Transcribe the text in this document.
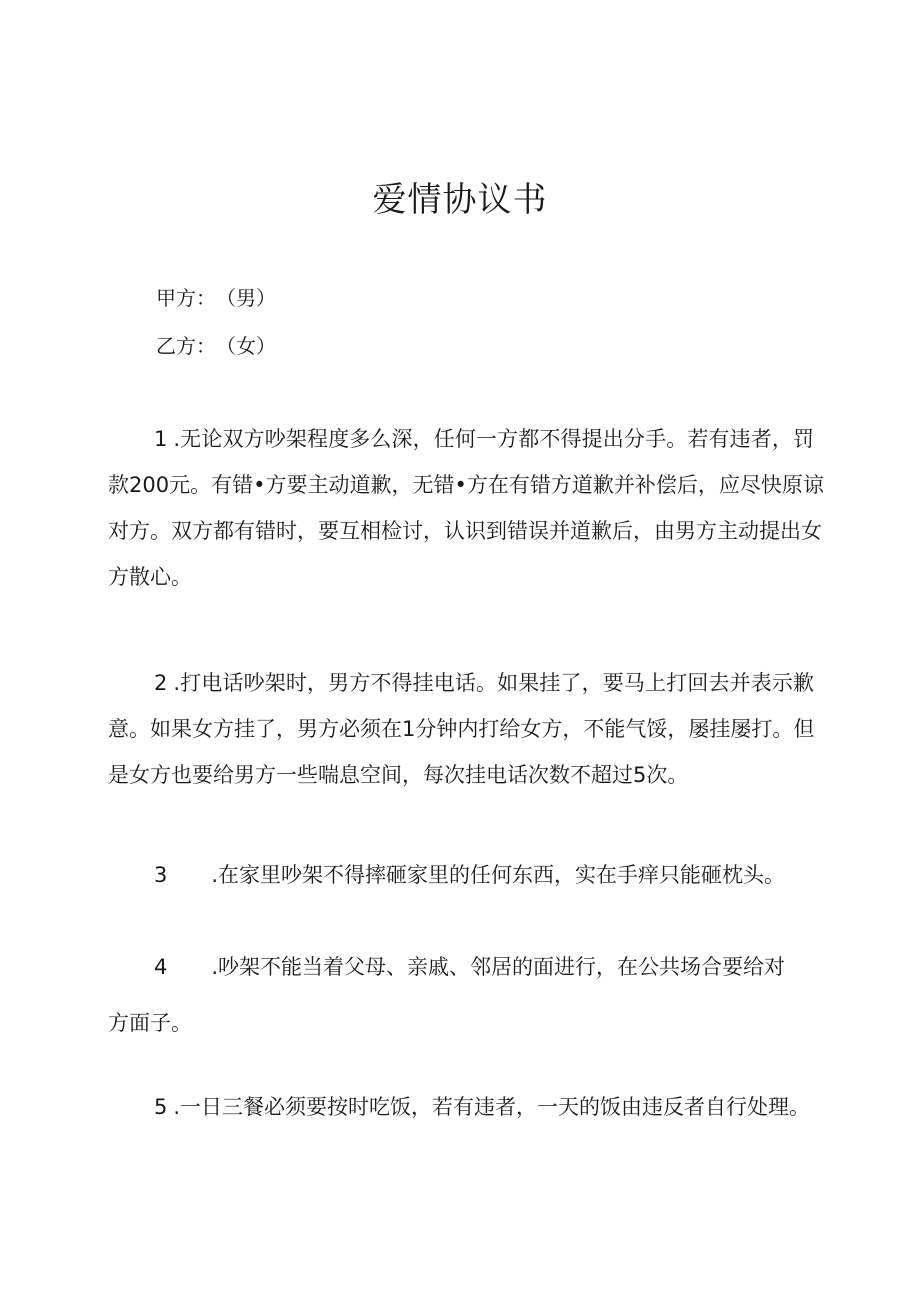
爱情协议书

甲方：（男）

乙方：（女）

1 .无论双方吵架程度多么深，任何一方都不得提出分手。若有违者，罚
款200元。有错•方要主动道歉，无错•方在有错方道歉并补偿后，应尽快原谅
对方。双方都有错时，要互相检讨，认识到错误并道歉后，由男方主动提出女
方散心。
2 .打电话吵架时，男方不得挂电话。如果挂了，要马上打回去并表示歉
意。如果女方挂了，男方必须在1分钟内打给女方，不能气馁，屡挂屡打。但
是女方也要给男方一些喘息空间，每次挂电话次数不超过5次。
3 .在家里吵架不得摔砸家里的任何东西，实在手痒只能砸枕头。
4 .吵架不能当着父母、亲戚、邻居的面进行，在公共场合要给对
方面子。
5 .一日三餐必须要按时吃饭，若有违者，一天的饭由违反者自行处理。
